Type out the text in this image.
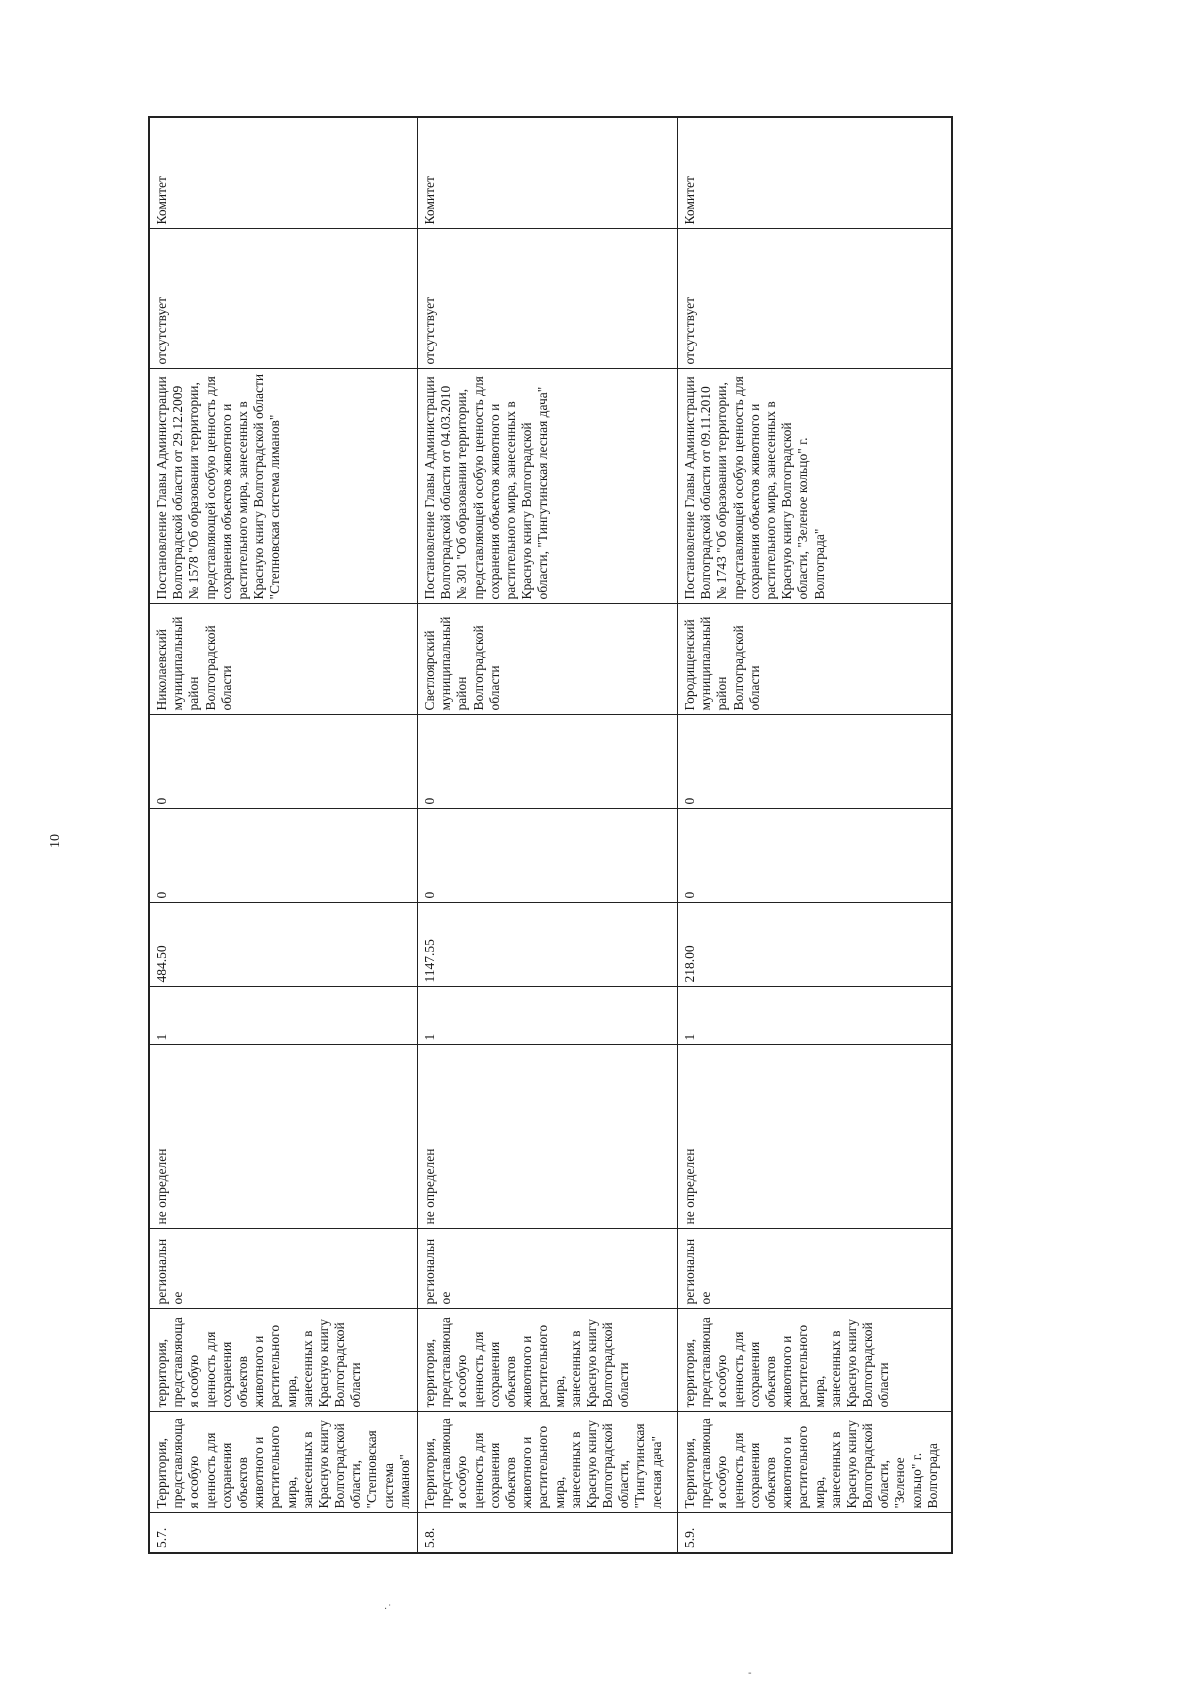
10
5.7.	Территория, представляющая особую ценность для сохранения объектов животного и растительного мира, занесенных в Красную книгу Волгоградской области, "Степновская система лиманов"	территория, представляющая особую ценность для сохранения объектов животного и растительного мира, занесенных в Красную книгу Волгоградской области	региональное	не определен	1	484.50	0	0	Николаевский муниципальный район Волгоградской области	Постановление Главы Администрации Волгоградской области от 29.12.2009 № 1578 "Об образовании территории, представляющей особую ценность для сохранения объектов животного и растительного мира, занесенных в Красную книгу Волгоградской области "Степновская система лиманов"	отсутствует	Комитет
5.8.	Территория, представляющая особую ценность для сохранения объектов животного и растительного мира, занесенных в Красную книгу Волгоградской области, "Тингутинская лесная дача"	территория, представляющая особую ценность для сохранения объектов животного и растительного мира, занесенных в Красную книгу Волгоградской области	региональное	не определен	1	1147.55	0	0	Светлоярский муниципальный район Волгоградской области	Постановление Главы Администрации Волгоградской области от 04.03.2010 № 301 "Об образовании территории, представляющей особую ценность для сохранения объектов животного и растительного мира, занесенных в Красную книгу Волгоградской области, "Тингутинская лесная дача"	отсутствует	Комитет
5.9.	Территория, представляющая особую ценность для сохранения объектов животного и растительного мира, занесенных в Красную книгу Волгоградской области, "Зеленое кольцо" г. Волгограда	территория, представляющая особую ценность для сохранения объектов животного и растительного мира, занесенных в Красную книгу Волгоградской области	региональное	не определен	1	218.00	0	0	Городищенский муниципальный район Волгоградской области	Постановление Главы Администрации Волгоградской области от 09.11.2010 № 1743 "Об образовании территории, представляющей особую ценность для сохранения объектов животного и растительного мира, занесенных в Красную книгу Волгоградской области, "Зеленое кольцо" г. Волгограда"	отсутствует	Комитет
·˙
-
